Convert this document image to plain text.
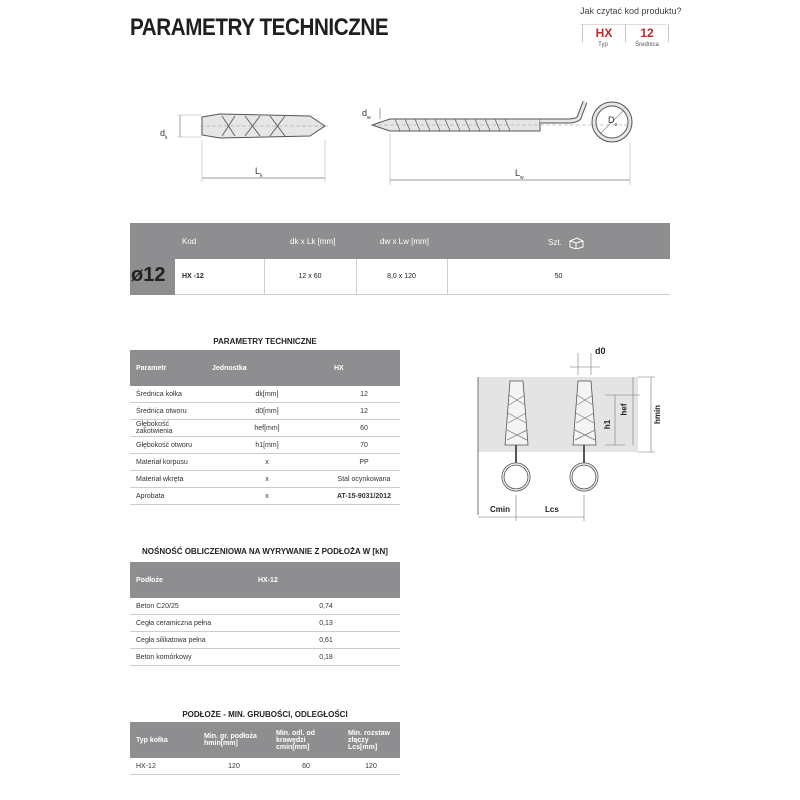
PARAMETRY TECHNICZNE
Jak czytać kod produktu?
HX
Typ
12
Średnica
$d_k$
$L_k$
$d_w$
$L_w$
$D_o$
Kod	dk x Lk [mm]	dw x Lw [mm]	Szt.
ø12 HX -12	12 x 60	8,0 x 120	50
PARAMETRY TECHNICZNE
Parametr	Jednostka	HX
Średnica kołka	dk[mm]	12
Średnica otworu	d0[mm]	12
Głębokość zakotwienia	hef[mm]	60
Głębokość otworu	h1[mm]	70
Materiał korpusu	x	PP
Materiał wkręta	x	Stal ocynkowana
Aprobata	x	AT-15-9031/2012
d0
h1
hef	hmin
Cmin	Lcs
NOŚNOŚĆ OBLICZENIOWA NA WYRYWANIE Z PODŁOŻA W [kN]
Podłoże	HX-12
Beton C20/25	0,74
Cegła ceramiczna pełna	0,13
Cegła silikatowa pełna	0,61
Beton komórkowy	0,18
PODŁOŻE - MIN. GRUBOŚCI, ODLEGŁOŚCI
Typ kołka	Min. gr. podłoża hmin[mm]	Min. odl. od krawędzi cmin[mm]	Min. rozstaw złączy Lcs[mm]
HX-12	120	60	120
